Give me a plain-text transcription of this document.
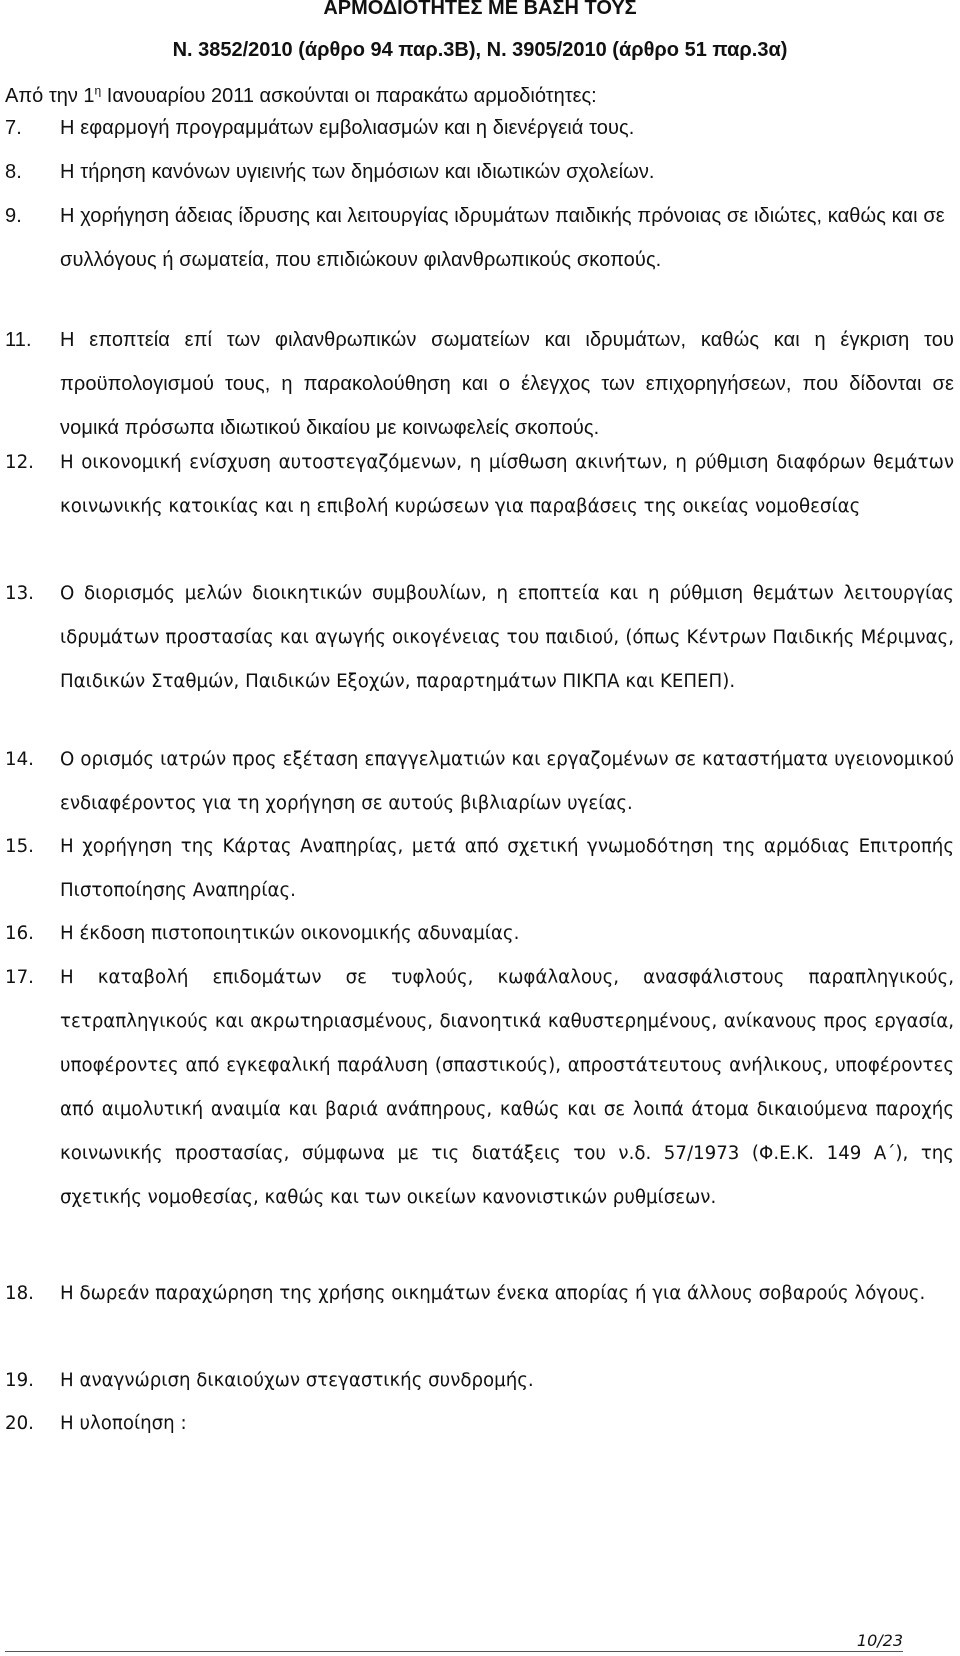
ΑΡΜΟΔΙΟΤΗΤΕΣ ΜΕ ΒΑΣΗ ΤΟΥΣ
Ν. 3852/2010 (άρθρο 94 παρ.3Β), Ν. 3905/2010 (άρθρο 51 παρ.3α)
Από την $1^\eta$ Ιανουαρίου 2011 ασκούνται οι παρακάτω αρμοδιότητες:
7. Η εφαρμογή προγραμμάτων εμβολιασμών και η διενέργειά τους.
8. Η τήρηση κανόνων υγιεινής των δημόσιων και ιδιωτικών σχολείων.
9. Η χορήγηση άδειας ίδρυσης και λειτουργίας ιδρυμάτων παιδικής πρόνοιας σε ιδιώτες, καθώς και σε συλλόγους ή σωματεία, που επιδιώκουν φιλανθρωπικούς σκοπούς.
11. Η εποπτεία επί των φιλανθρωπικών σωματείων και ιδρυμάτων, καθώς και η έγκριση του προϋπολογισμού τους, η παρακολούθηση και ο έλεγχος των επιχορηγήσεων, που δίδονται σε νομικά πρόσωπα ιδιωτικού δικαίου με κοινωφελείς σκοπούς.
12. Η οικονομική ενίσχυση αυτοστεγαζόμενων, η μίσθωση ακινήτων, η ρύθμιση διαφόρων θεμάτων κοινωνικής κατοικίας και η επιβολή κυρώσεων για παραβάσεις της οικείας νομοθεσίας
13. Ο διορισμός μελών διοικητικών συμβουλίων, η εποπτεία και η ρύθμιση θεμάτων λειτουργίας ιδρυμάτων προστασίας και αγωγής οικογένειας του παιδιού, (όπως Κέντρων Παιδικής Μέριμνας, Παιδικών Σταθμών, Παιδικών Εξοχών, παραρτημάτων ΠΙΚΠΑ και ΚΕΠΕΠ).
14. Ο ορισμός ιατρών προς εξέταση επαγγελματιών και εργαζομένων σε καταστήματα υγειονομικού ενδιαφέροντος για τη χορήγηση σε αυτούς βιβλιαρίων υγείας.
15. Η χορήγηση της Κάρτας Αναπηρίας, μετά από σχετική γνωμοδότηση της αρμόδιας Επιτροπής Πιστοποίησης Αναπηρίας.
16. Η έκδοση πιστοποιητικών οικονομικής αδυναμίας.
17. Η καταβολή επιδομάτων σε τυφλούς, κωφάλαλους, ανασφάλιστους παραπληγικούς, τετραπληγικούς και ακρωτηριασμένους, διανοητικά καθυστερημένους, ανίκανους προς εργασία, υποφέροντες από εγκεφαλική παράλυση (σπαστικούς), απροστάτευτους ανήλικους, υποφέροντες από αιμολυτική αναιμία και βαριά ανάπηρους, καθώς και σε λοιπά άτομα δικαιούμενα παροχής κοινωνικής προστασίας, σύμφωνα με τις διατάξεις του ν.δ. 57/1973 (Φ.Ε.Κ. 149 Α΄), της σχετικής νομοθεσίας, καθώς και των οικείων κανονιστικών ρυθμίσεων.
18. Η δωρεάν παραχώρηση της χρήσης οικημάτων ένεκα απορίας ή για άλλους σοβαρούς λόγους.
19. Η αναγνώριση δικαιούχων στεγαστικής συνδρομής.
20. Η υλοποίηση :
10/23
